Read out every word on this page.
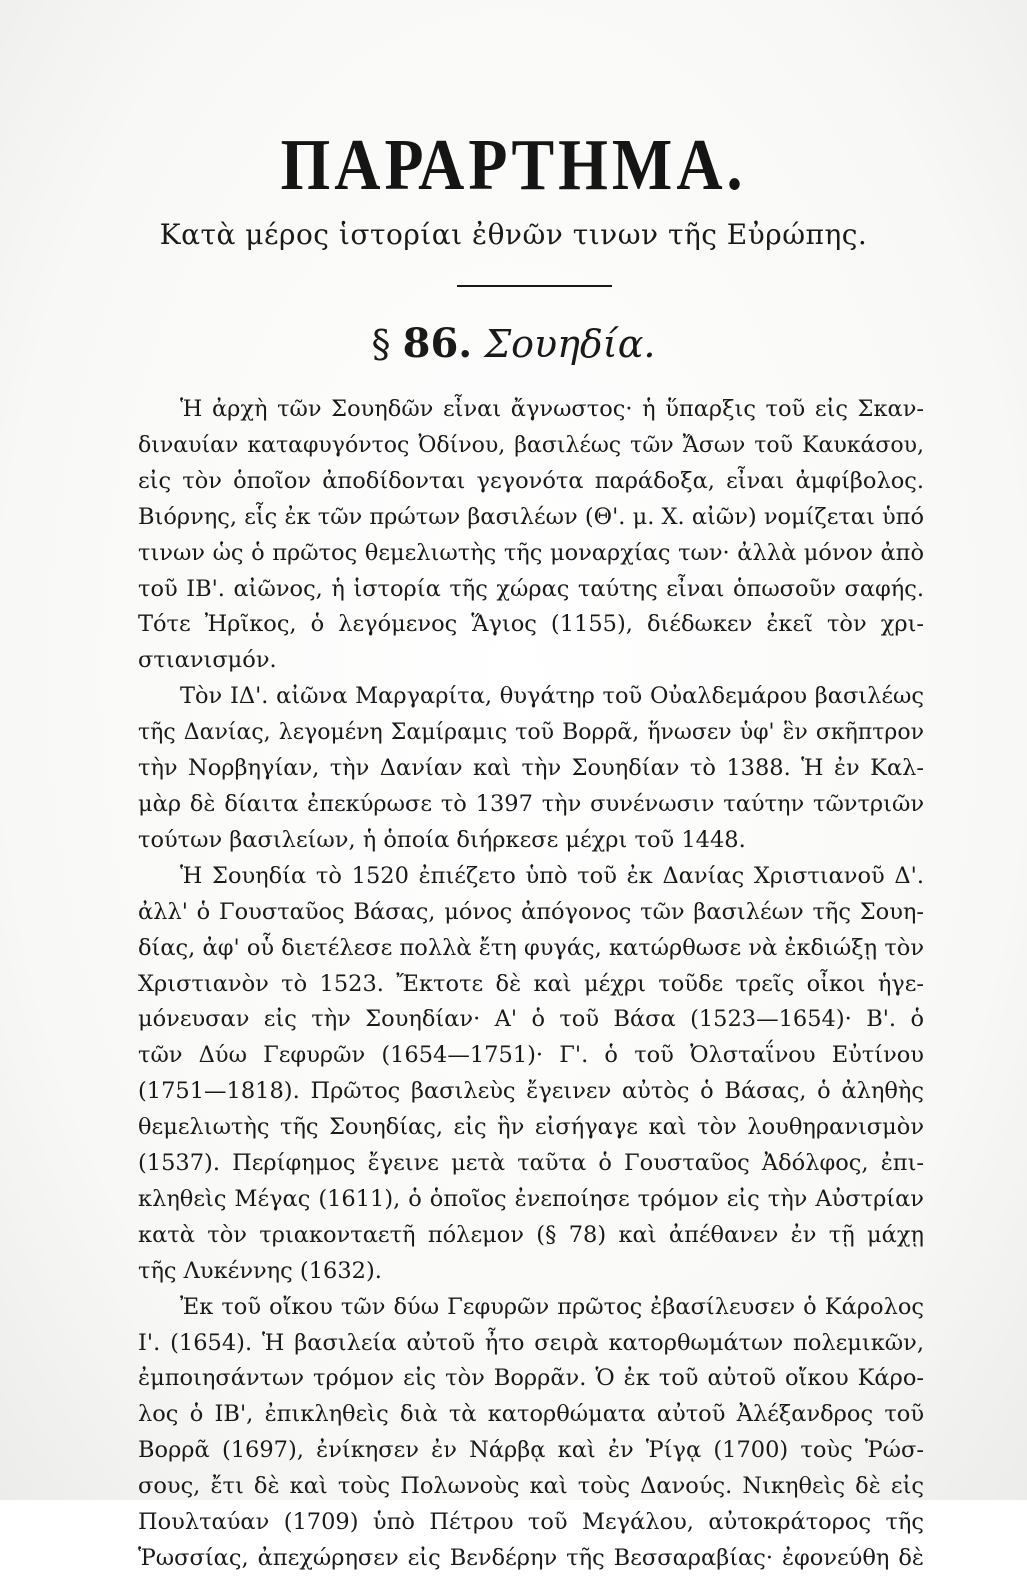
ΠΑΡΑΡΤΗΜΑ.
Κατὰ μέρος ἱστορίαι ἐθνῶν τινων τῆς Εὐρώπης.
§ 86. Σουηδία.
Ἡ ἀρχὴ τῶν Σουηδῶν εἶναι ἄγνωστος· ἡ ὕπαρξις τοῦ εἰς Σκαν-
διναυίαν καταφυγόντος Ὀδίνου, βασιλέως τῶν Ἄσων τοῦ Καυκάσου,
εἰς τὸν ὁποῖον ἀποδίδονται γεγονότα παράδοξα, εἶναι ἀμφίβολος.
Βιόρνης, εἷς ἐκ τῶν πρώτων βασιλέων (Θ'. μ. Χ. αἰῶν) νομίζεται ὑπό
τινων ὡς ὁ πρῶτος θεμελιωτὴς τῆς μοναρχίας των· ἀλλὰ μόνον ἀπὸ
τοῦ ΙΒ'. αἰῶνος, ἡ ἱστορία τῆς χώρας ταύτης εἶναι ὁπωσοῦν σαφής.
Τότε Ἠρῖκος, ὁ λεγόμενος Ἅγιος (1155), διέδωκεν ἐκεῖ τὸν χρι-
στιανισμόν.
Τὸν ΙΔ'. αἰῶνα Μαργαρίτα, θυγάτηρ τοῦ Οὐαλδεμάρου βασιλέως
τῆς Δανίας, λεγομένη Σαμίραμις τοῦ Βορρᾶ, ἥνωσεν ὑφ' ἓν σκῆπτρον
τὴν Νορβηγίαν, τὴν Δανίαν καὶ τὴν Σουηδίαν τὸ 1388. Ἡ ἐν Καλ-
μὰρ δὲ δίαιτα ἐπεκύρωσε τὸ 1397 τὴν συνένωσιν ταύτην τῶντριῶν
τούτων βασιλείων, ἡ ὁποία διήρκεσε μέχρι τοῦ 1448.
Ἡ Σουηδία τὸ 1520 ἐπιέζετο ὑπὸ τοῦ ἐκ Δανίας Χριστιανοῦ Δ'.
ἀλλ' ὁ Γουσταῦος Βάσας, μόνος ἀπόγονος τῶν βασιλέων τῆς Σουη-
δίας, ἀφ' οὗ διετέλεσε πολλὰ ἔτη φυγάς, κατώρθωσε νὰ ἐκδιώξῃ τὸν
Χριστιανὸν τὸ 1523. Ἔκτοτε δὲ καὶ μέχρι τοῦδε τρεῖς οἶκοι ἡγε-
μόνευσαν εἰς τὴν Σουηδίαν· Α' ὁ τοῦ Βάσα (1523—1654)· Β'. ὁ
τῶν Δύω Γεφυρῶν (1654—1751)· Γ'. ὁ τοῦ Ὀλσταΐνου Εὐτίνου
(1751—1818). Πρῶτος βασιλεὺς ἔγεινεν αὐτὸς ὁ Βάσας, ὁ ἀληθὴς
θεμελιωτὴς τῆς Σουηδίας, εἰς ἣν εἰσήγαγε καὶ τὸν λουθηρανισμὸν
(1537). Περίφημος ἔγεινε μετὰ ταῦτα ὁ Γουσταῦος Ἀδόλφος, ἐπι-
κληθεὶς Μέγας (1611), ὁ ὁποῖος ἐνεποίησε τρόμον εἰς τὴν Αὐστρίαν
κατὰ τὸν τριακονταετῆ πόλεμον (§ 78) καὶ ἀπέθανεν ἐν τῇ μάχῃ
τῆς Λυκέννης (1632).
Ἐκ τοῦ οἴκου τῶν δύω Γεφυρῶν πρῶτος ἐβασίλευσεν ὁ Κάρολος
Ι'. (1654). Ἡ βασιλεία αὐτοῦ ἦτο σειρὰ κατορθωμάτων πολεμικῶν,
ἐμποιησάντων τρόμον εἰς τὸν Βορρᾶν. Ὁ ἐκ τοῦ αὐτοῦ οἴκου Κάρο-
λος ὁ ΙΒ', ἐπικληθεὶς διὰ τὰ κατορθώματα αὐτοῦ Ἀλέξανδρος τοῦ
Βορρᾶ (1697), ἐνίκησεν ἐν Νάρβᾳ καὶ ἐν Ῥίγᾳ (1700) τοὺς Ῥώσ-
σους, ἔτι δὲ καὶ τοὺς Πολωνοὺς καὶ τοὺς Δανούς. Νικηθεὶς δὲ εἰς
Πουλταύαν (1709) ὑπὸ Πέτρου τοῦ Μεγάλου, αὐτοκράτορος τῆς
Ῥωσσίας, ἀπεχώρησεν εἰς Βενδέρην τῆς Βεσσαραβίας· ἐφονεύθη δὲ
